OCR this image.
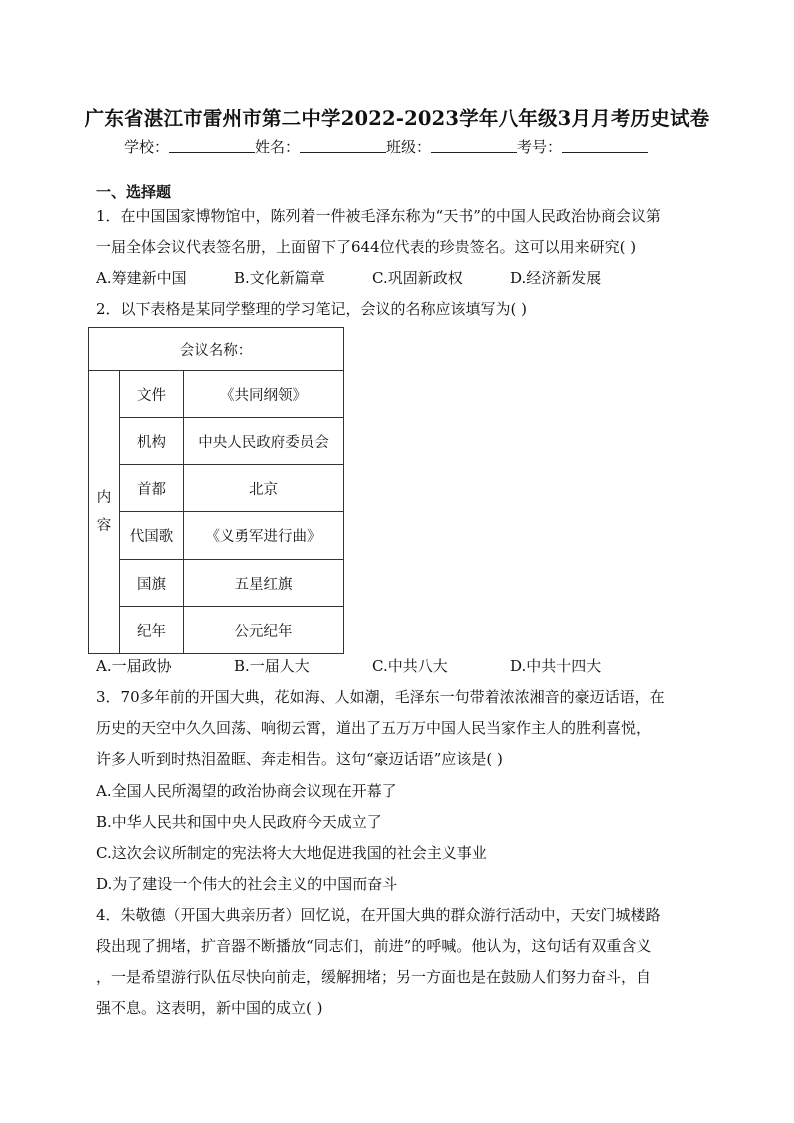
广东省湛江市雷州市第二中学2022-2023学年八年级3月月考历史试卷
学校：	姓名：	班级：	考号：
一、选择题
1．在中国国家博物馆中，陈列着一件被毛泽东称为“天书”的中国人民政治协商会议第
一届全体会议代表签名册，上面留下了644位代表的珍贵签名。这可以用来研究( )
A.筹建新中国	B.文化新篇章	C.巩固新政权	D.经济新发展
2．以下表格是某同学整理的学习笔记，会议的名称应该填写为( )
会议名称：		
内
容	文件	《共同纲领》
	机构	中央人民政府委员会
	首都	北京
	代国歌	《义勇军进行曲》
	国旗	五星红旗
	纪年	公元纪年
A.一届政协	B.一届人大	C.中共八大	D.中共十四大
3．70多年前的开国大典，花如海、人如潮，毛泽东一句带着浓浓湘音的豪迈话语，在
历史的天空中久久回荡、响彻云霄，道出了五万万中国人民当家作主人的胜利喜悦，
许多人听到时热泪盈眶、奔走相告。这句“豪迈话语”应该是( )
A.全国人民所渴望的政治协商会议现在开幕了
B.中华人民共和国中央人民政府今天成立了
C.这次会议所制定的宪法将大大地促进我国的社会主义事业
D.为了建设一个伟大的社会主义的中国而奋斗
4．朱敬德（开国大典亲历者）回忆说，在开国大典的群众游行活动中，天安门城楼路
段出现了拥堵，扩音器不断播放“同志们，前进”的呼喊。他认为，这句话有双重含义
，一是希望游行队伍尽快向前走，缓解拥堵；另一方面也是在鼓励人们努力奋斗，自
强不息。这表明，新中国的成立( )
